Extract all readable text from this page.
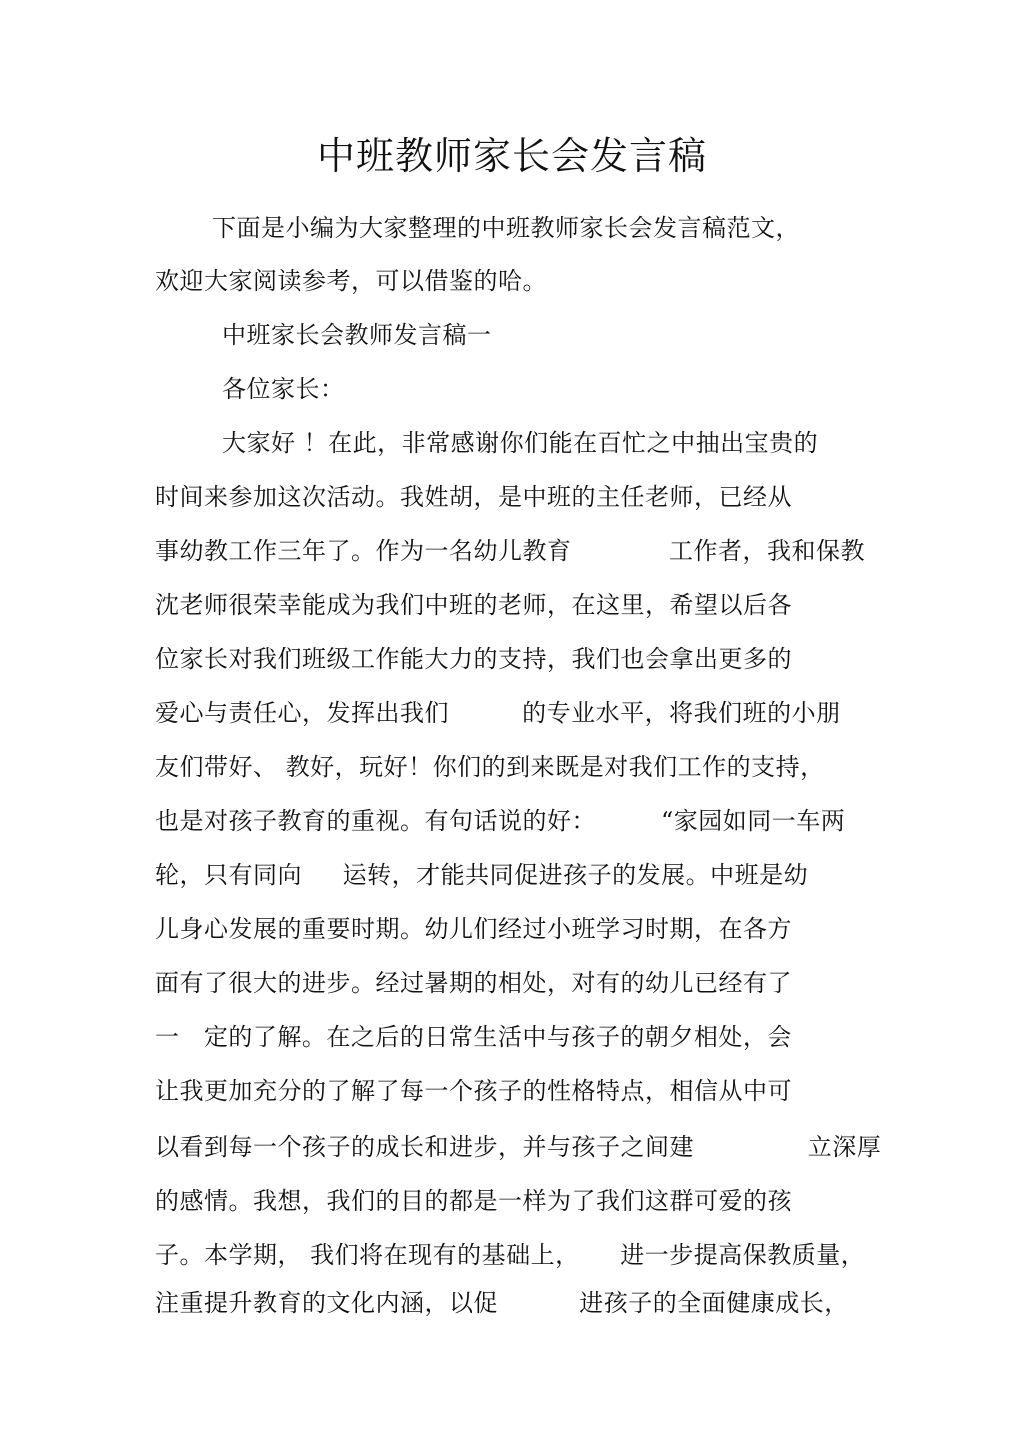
中班教师家长会发言稿
下面是小编为大家整理的中班教师家长会发言稿范文，
欢迎大家阅读参考，可以借鉴的哈。
中班家长会教师发言稿一
各位家长：
大家好 ！在此，非常感谢你们能在百忙之中抽出宝贵的
时间来参加这次活动。我姓胡，是中班的主任老师，已经从
事幼教工作三年了。作为一名幼儿教育            工作者，我和保教
沈老师很荣幸能成为我们中班的老师，在这里，希望以后各
位家长对我们班级工作能大力的支持，我们也会拿出更多的
爱心与责任心，发挥出我们         的专业水平，将我们班的小朋
友们带好、 教好，玩好！你们的到来既是对我们工作的支持，
也是对孩子教育的重视。有句话说的好：        “家园如同一车两
轮，只有同向     运转，才能共同促进孩子的发展。中班是幼
儿身心发展的重要时期。幼儿们经过小班学习时期，在各方
面有了很大的进步。经过暑期的相处，对有的幼儿已经有了
一   定的了解。在之后的日常生活中与孩子的朝夕相处，会
让我更加充分的了解了每一个孩子的性格特点，相信从中可
以看到每一个孩子的成长和进步，并与孩子之间建              立深厚
的感情。我想，我们的目的都是一样为了我们这群可爱的孩
子。本学期， 我们将在现有的基础上，     进一步提高保教质量，
注重提升教育的文化内涵，以促          进孩子的全面健康成长，
